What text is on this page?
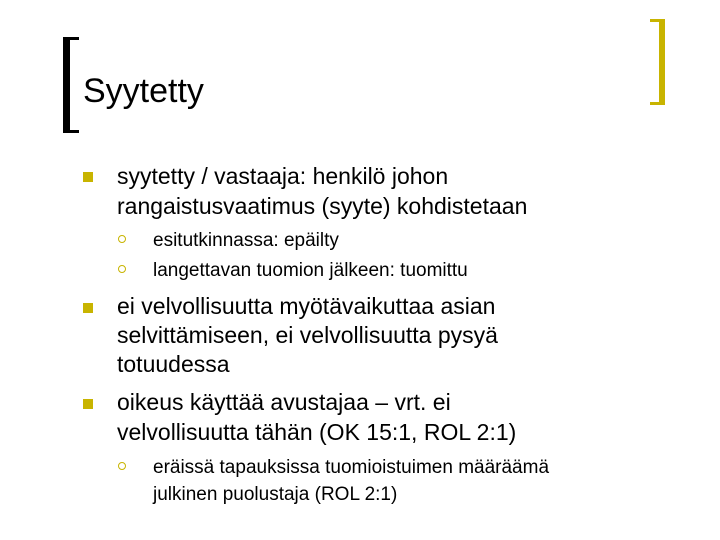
Syytetty
syytetty / vastaaja: henkilö johon
rangaistusvaatimus (syyte) kohdistetaan
esitutkinnassa: epäilty
langettavan tuomion jälkeen: tuomittu
ei velvollisuutta myötävaikuttaa asian
selvittämiseen, ei velvollisuutta pysyä
totuudessa
oikeus käyttää avustajaa – vrt. ei
velvollisuutta tähän (OK 15:1, ROL 2:1)
eräissä tapauksissa tuomioistuimen määräämä
julkinen puolustaja (ROL 2:1)
